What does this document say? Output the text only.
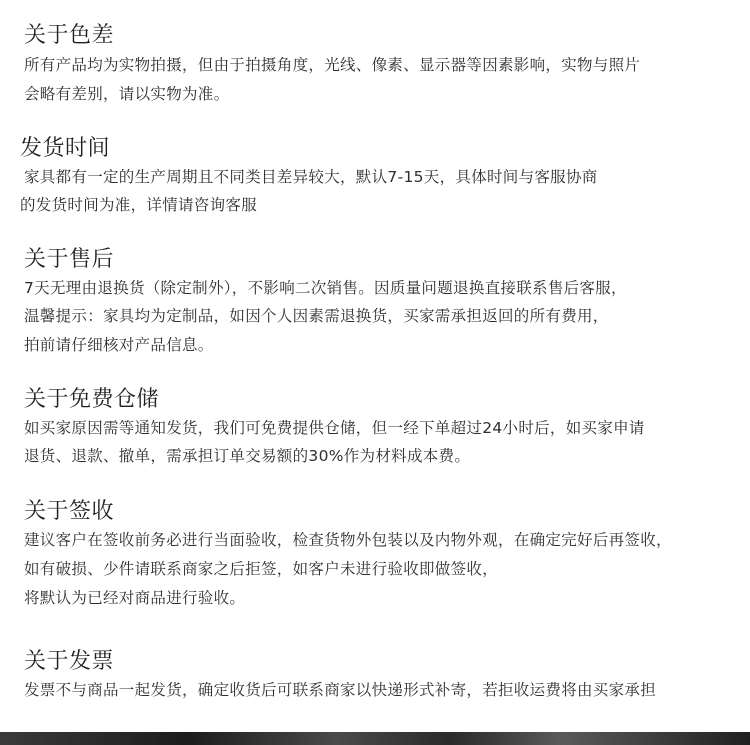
关于色差
所有产品均为实物拍摄，但由于拍摄角度，光线、像素、显示器等因素影响，实物与照片
会略有差别，请以实物为准。
发货时间
家具都有一定的生产周期且不同类目差异较大，默认7-15天，具体时间与客服协商
的发货时间为准，详情请咨询客服
关于售后
7天无理由退换货（除定制外），不影响二次销售。因质量问题退换直接联系售后客服，
温馨提示：家具均为定制品，如因个人因素需退换货，买家需承担返回的所有费用，
拍前请仔细核对产品信息。
关于免费仓储
如买家原因需等通知发货，我们可免费提供仓储，但一经下单超过24小时后，如买家申请
退货、退款、撤单，需承担订单交易额的30%作为材料成本费。
关于签收
建议客户在签收前务必进行当面验收，检查货物外包装以及内物外观，在确定完好后再签收，
如有破损、少件请联系商家之后拒签，如客户未进行验收即做签收，
将默认为已经对商品进行验收。
关于发票
发票不与商品一起发货，确定收货后可联系商家以快递形式补寄，若拒收运费将由买家承担
